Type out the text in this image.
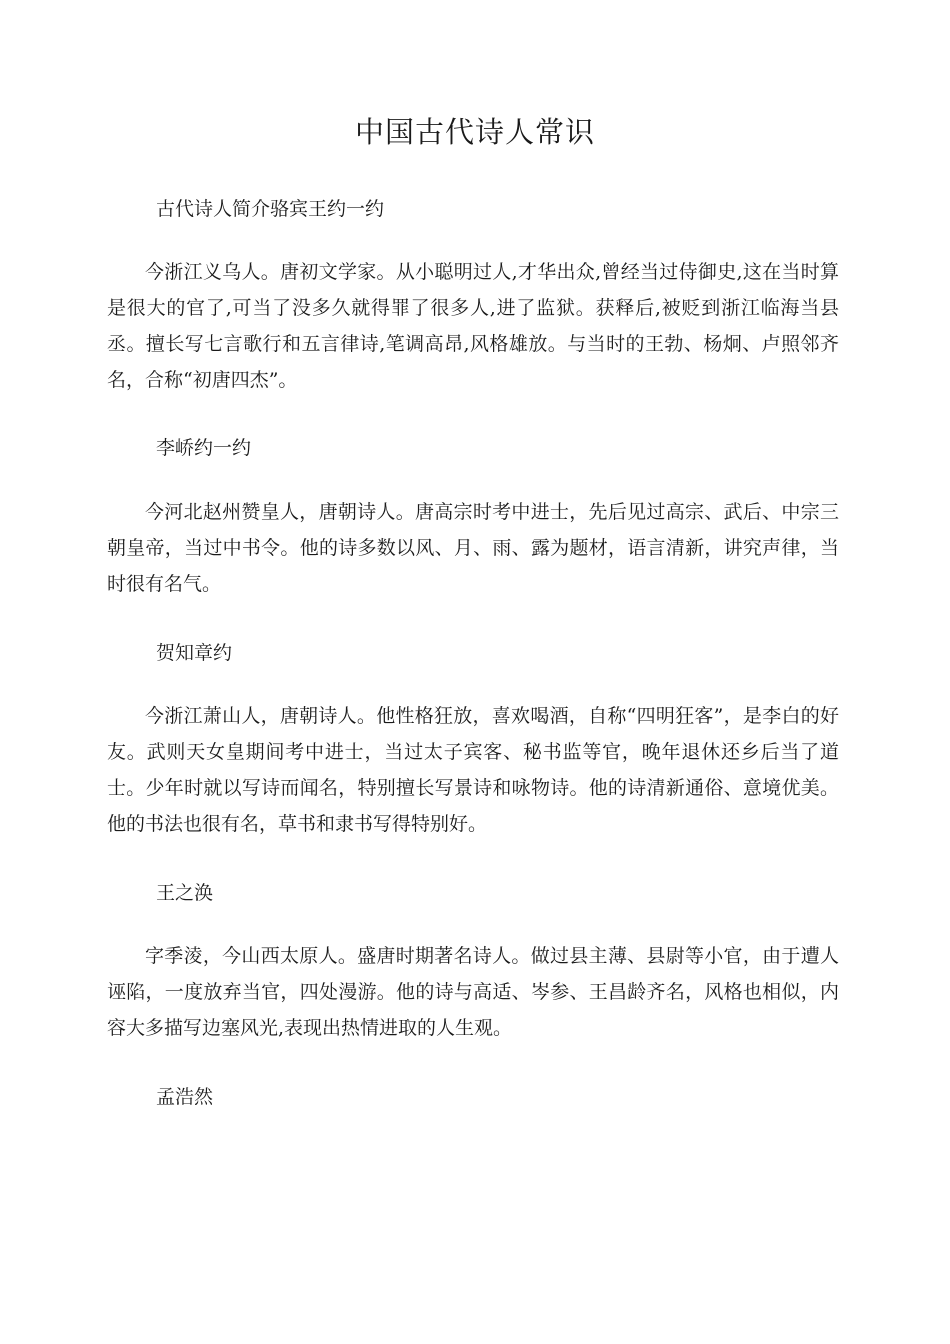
中国古代诗人常识

古代诗人简介骆宾王约一约

今浙江义乌人。唐初文学家。从小聪明过人,才华出众,曾经当过侍御史,这在当时算是很大的官了,可当了没多久就得罪了很多人,进了监狱。获释后,被贬到浙江临海当县丞。擅长写七言歌行和五言律诗,笔调高昂,风格雄放。与当时的王勃、杨炯、卢照邻齐名，合称“初唐四杰”。

李峤约一约

今河北赵州赞皇人，唐朝诗人。唐高宗时考中进士，先后见过高宗、武后、中宗三朝皇帝，当过中书令。他的诗多数以风、月、雨、露为题材，语言清新，讲究声律，当时很有名气。

贺知章约

今浙江萧山人，唐朝诗人。他性格狂放，喜欢喝酒，自称“四明狂客”，是李白的好友。武则天女皇期间考中进士，当过太子宾客、秘书监等官，晚年退休还乡后当了道士。少年时就以写诗而闻名，特别擅长写景诗和咏物诗。他的诗清新通俗、意境优美。他的书法也很有名，草书和隶书写得特别好。

王之涣

字季淩，今山西太原人。盛唐时期著名诗人。做过县主薄、县尉等小官，由于遭人诬陷，一度放弃当官，四处漫游。他的诗与高适、岑参、王昌龄齐名，风格也相似，内容大多描写边塞风光,表现出热情进取的人生观。

孟浩然
